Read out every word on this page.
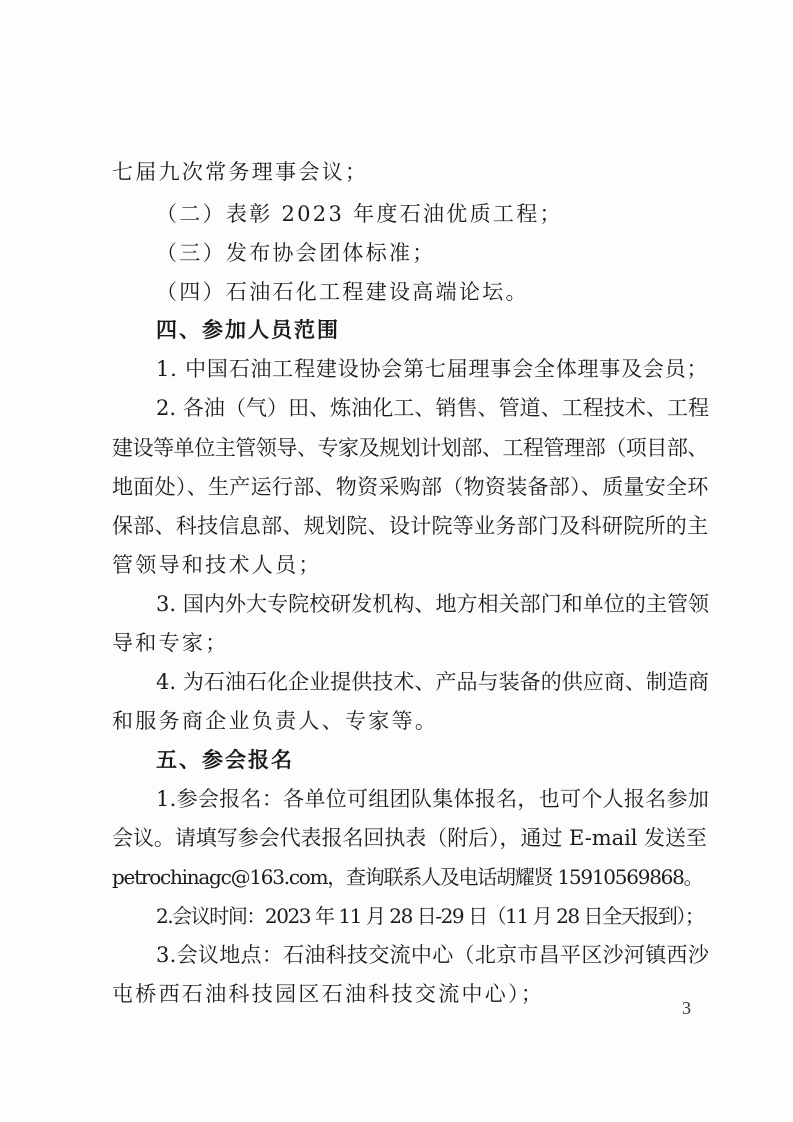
七届九次常务理事会议；
（二）表彰 2023 年度石油优质工程；
（三）发布协会团体标准；
（四）石油石化工程建设高端论坛。
四、参加人员范围
1. 中国石油工程建设协会第七届理事会全体理事及会员；
2. 各油（气）田、炼油化工、销售、管道、工程技术、工程
建设等单位主管领导、专家及规划计划部、工程管理部（项目部、
地面处）、生产运行部、物资采购部（物资装备部）、质量安全环
保部、科技信息部、规划院、设计院等业务部门及科研院所的主
管领导和技术人员；
3. 国内外大专院校研发机构、地方相关部门和单位的主管领
导和专家；
4. 为石油石化企业提供技术、产品与装备的供应商、制造商
和服务商企业负责人、专家等。
五、参会报名
1.参会报名：各单位可组团队集体报名，也可个人报名参加
会议。请填写参会代表报名回执表（附后），通过 E-mail 发送至
petrochinagc@163.com，查询联系人及电话胡耀贤 15910569868。
2.会议时间：2023 年 11 月 28 日-29 日（11 月 28 日全天报到）；
3.会议地点：石油科技交流中心（北京市昌平区沙河镇西沙
屯桥西石油科技园区石油科技交流中心）；
3
